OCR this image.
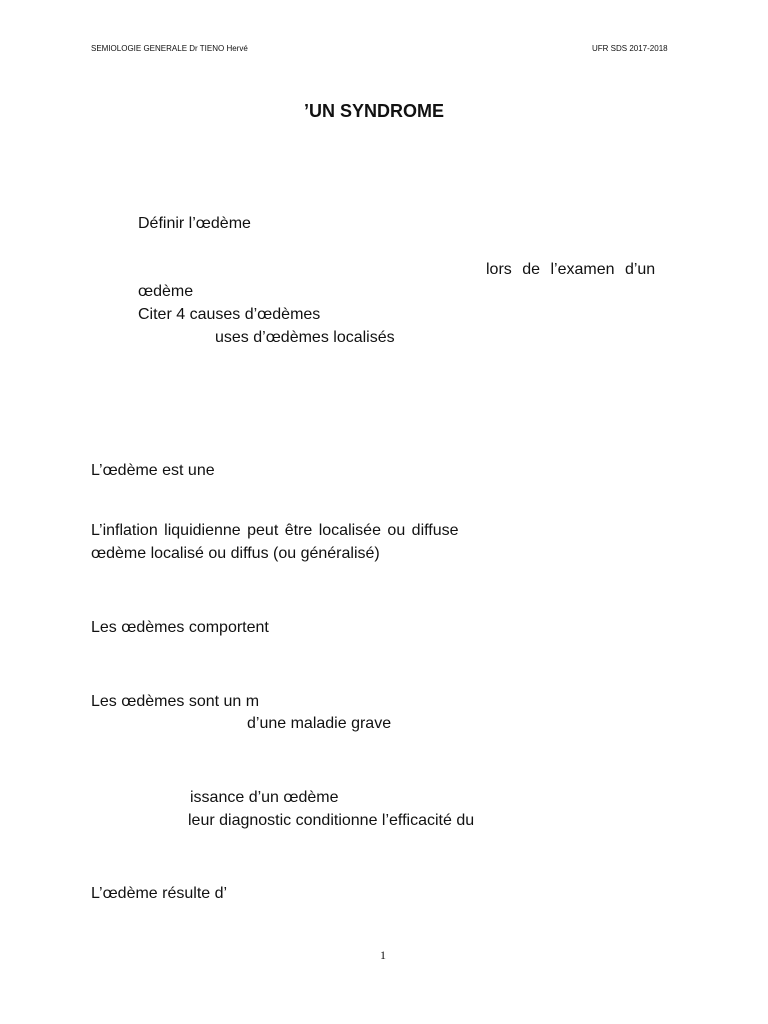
SEMIOLOGIE GENERALE Dr TIENO Hervé	UFR SDS 2017-2018
’UN SYNDROME
Définir l’œdème
lors de l’examen d’un
œdème
Citer 4 causes d’œdèmes
uses d’œdèmes localisés
L’œdème est une
L’inflation liquidienne peut être localisée ou diffuse
œdème localisé ou diffus (ou généralisé)
Les œdèmes comportent
Les œdèmes sont un m
d’une maladie grave
issance d’un œdème
leur diagnostic conditionne l’efficacité du
L’œdème résulte d’
1
